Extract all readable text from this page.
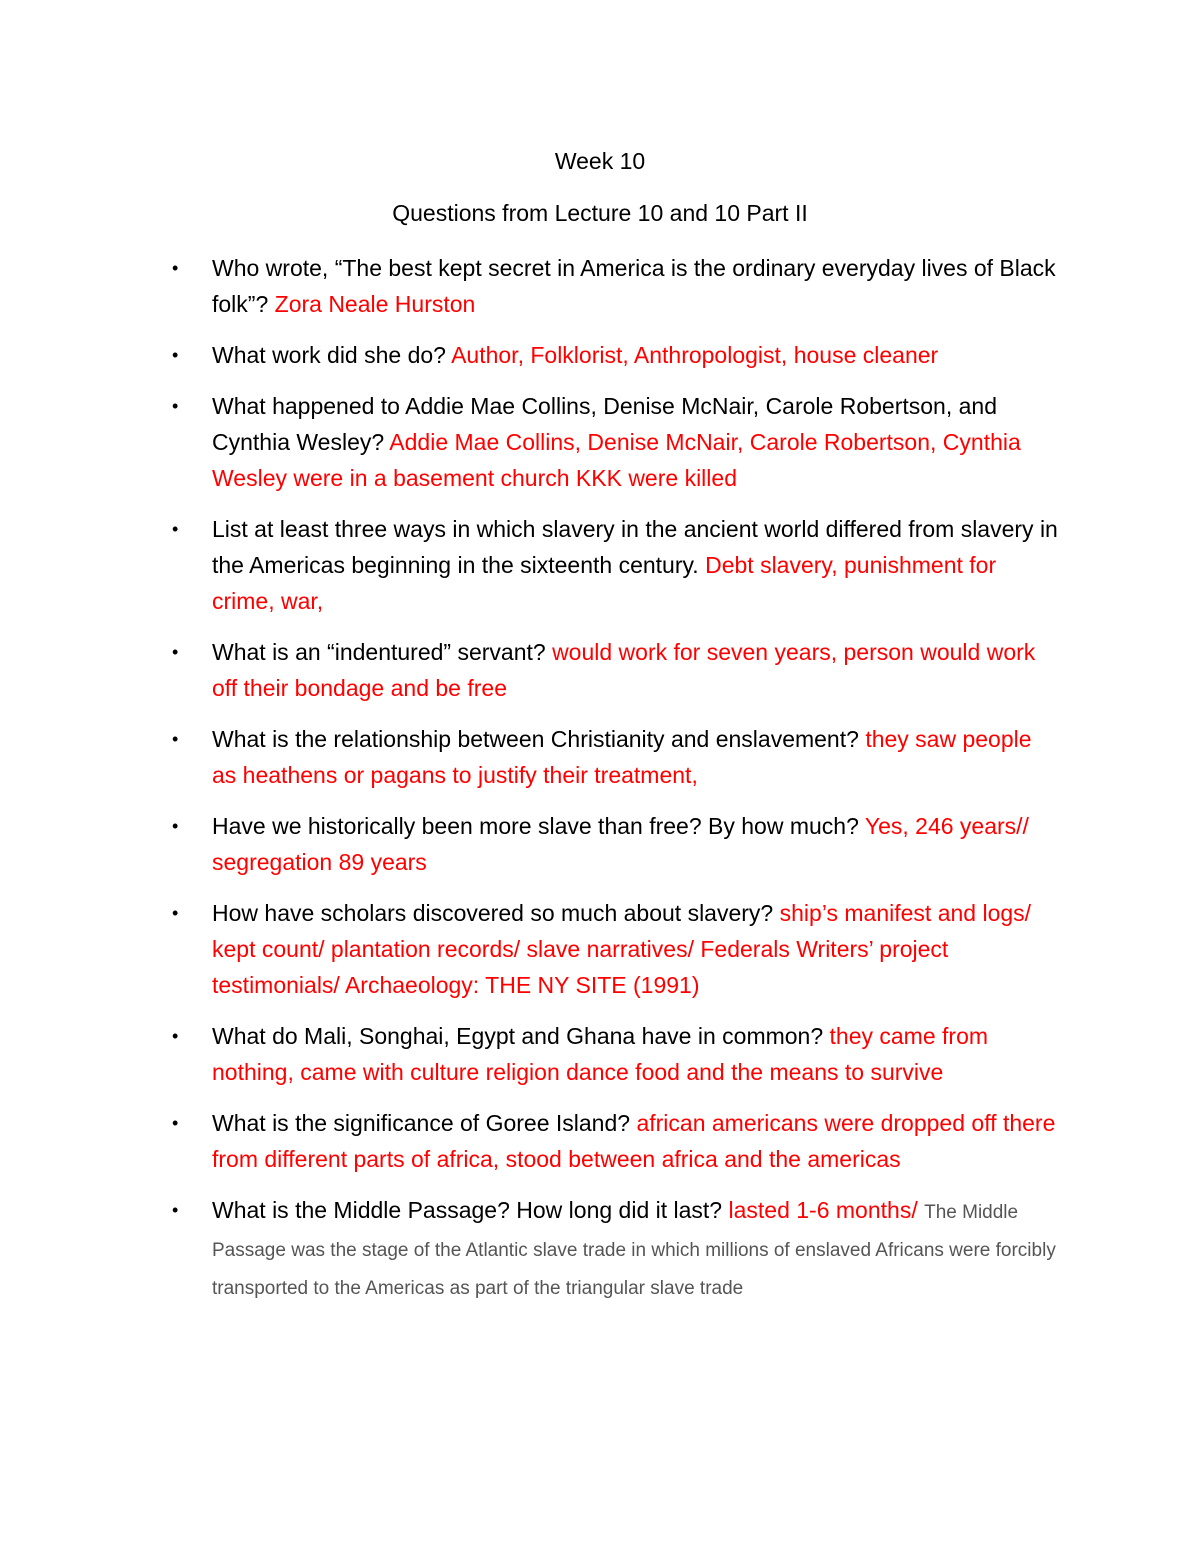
Week 10
Questions from Lecture 10 and 10 Part II
• Who wrote, “The best kept secret in America is the ordinary everyday lives of Black folk”? Zora Neale Hurston
• What work did she do? Author, Folklorist, Anthropologist, house cleaner
• What happened to Addie Mae Collins, Denise McNair, Carole Robertson, and Cynthia Wesley? Addie Mae Collins, Denise McNair, Carole Robertson, Cynthia Wesley were in a basement church KKK were killed
• List at least three ways in which slavery in the ancient world differed from slavery in the Americas beginning in the sixteenth century. Debt slavery, punishment for crime, war,
• What is an “indentured” servant? would work for seven years, person would work off their bondage and be free
• What is the relationship between Christianity and enslavement? they saw people as heathens or pagans to justify their treatment,
• Have we historically been more slave than free? By how much? Yes, 246 years// segregation 89 years
• How have scholars discovered so much about slavery? ship’s manifest and logs/ kept count/ plantation records/ slave narratives/ Federals Writers’ project testimonials/ Archaeology: THE NY SITE (1991)
• What do Mali, Songhai, Egypt and Ghana have in common? they came from nothing, came with culture religion dance food and the means to survive
• What is the significance of Goree Island? african americans were dropped off there from different parts of africa, stood between africa and the americas
• What is the Middle Passage? How long did it last? lasted 1-6 months/ The Middle Passage was the stage of the Atlantic slave trade in which millions of enslaved Africans were forcibly transported to the Americas as part of the triangular slave trade
